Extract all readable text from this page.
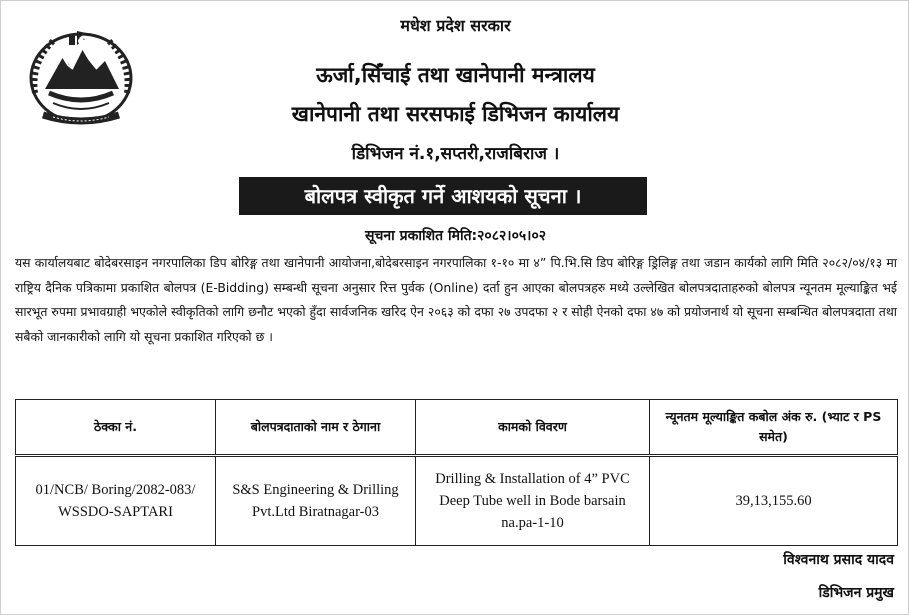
मधेश प्रदेश सरकार
ऊर्जा,सिँचाई तथा खानेपानी मन्त्रालय
खानेपानी तथा सरसफाई डिभिजन कार्यालय
डिभिजन नं.१,सप्तरी,राजबिराज ।
बोलपत्र स्वीकृत गर्ने आशयको सूचना ।
सूचना प्रकाशित मिति:२०८२।०५।०२
यस कार्यालयबाट बोदेबरसाइन नगरपालिका डिप बोरिङ्ग तथा खानेपानी आयोजना,बोदेबरसाइन नगरपालिका १-१० मा ४” पि.भि.सि डिप बोरिङ्ग ड्रिलिङ्ग तथा जडान कार्यको लागि मिति २०८२/०४/१३ मा राष्ट्रिय दैनिक पत्रिकामा प्रकाशित बोलपत्र (E-Bidding) सम्बन्धी सूचना अनुसार रित्त पुर्वक (Online) दर्ता हुन आएका बोलपत्रहरु मध्ये उल्लेखित बोलपत्रदाताहरुको बोलपत्र न्यूनतम मूल्याङ्कित भई सारभूत रुपमा प्रभावग्राही भएकोले स्वीकृतिको लागि छनौट भएको हुँदा सार्वजनिक खरिद ऐन २०६३ को दफा २७ उपदफा २ र सोही ऐनको दफा ४७ को प्रयोजनार्थ यो सूचना सम्बन्धित बोलपत्रदाता तथा सबैको जानकारीको लागि यो सूचना प्रकाशित गरिएको छ ।
ठेक्का नं.	बोलपत्रदाताको नाम र ठेगाना	कामको विवरण	न्यूनतम मूल्याङ्कित कबोल अंक रु. (भ्याट र PS समेत)
01/NCB/ Boring/2082-083/ WSSDO-SAPTARI	S&S Engineering & Drilling Pvt.Ltd Biratnagar-03	Drilling & Installation of 4” PVC Deep Tube well in Bode barsain na.pa-1-10	39,13,155.60
विश्वनाथ प्रसाद यादव
डिभिजन प्रमुख
